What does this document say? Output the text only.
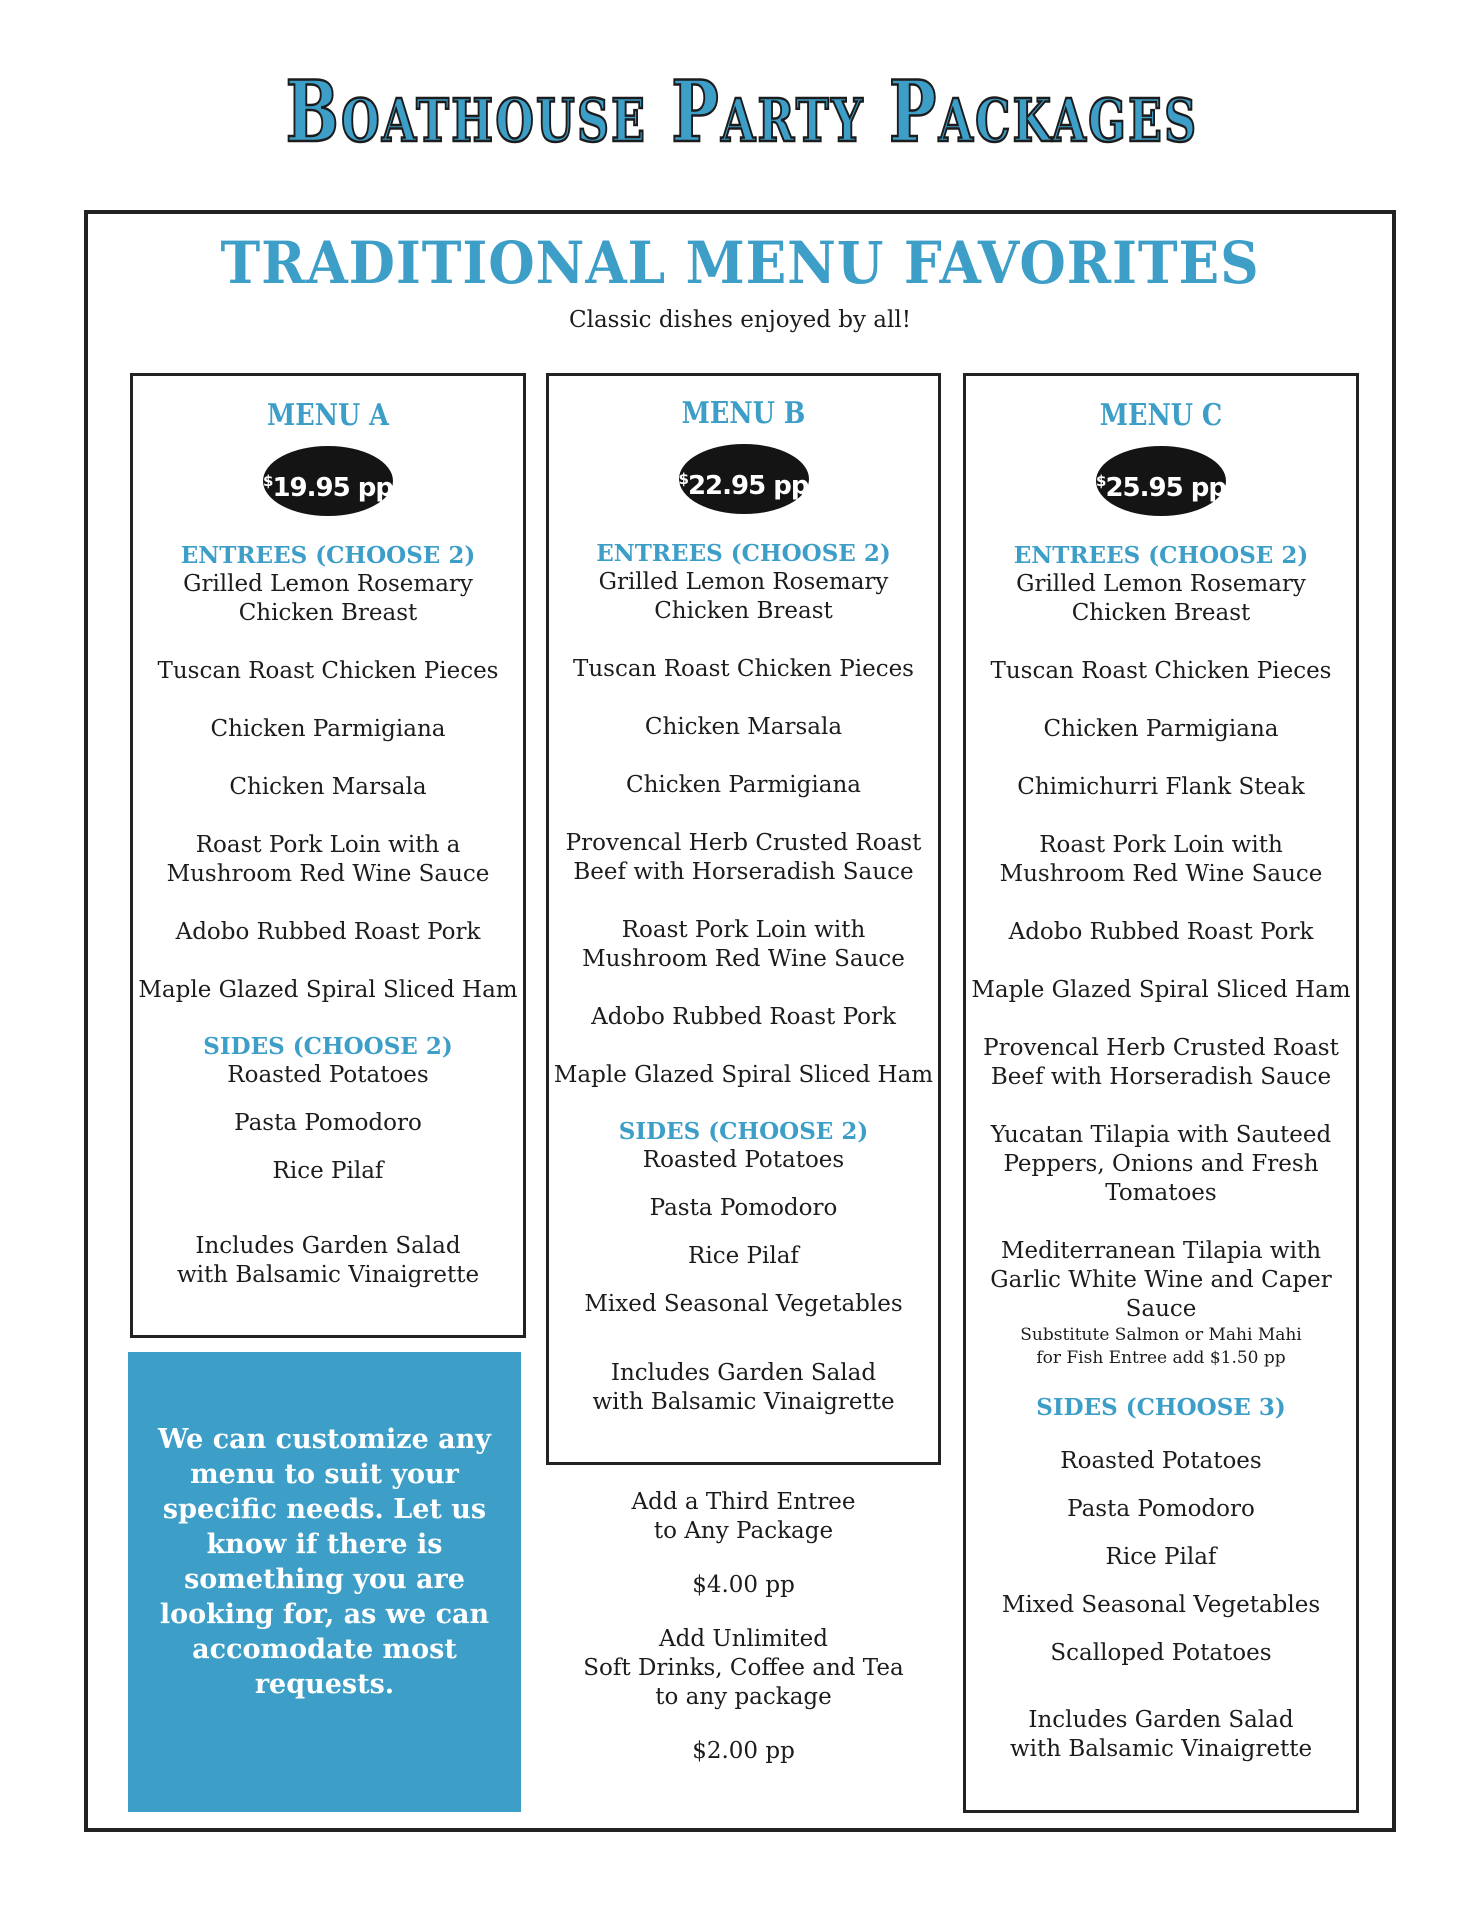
Boathouse Party Packages
TRADITIONAL MENU FAVORITES
Classic dishes enjoyed by all!

MENU A

$19.95 pp

ENTREES (CHOOSE 2)

Grilled Lemon Rosemary
Chicken Breast

Tuscan Roast Chicken Pieces

Chicken Parmigiana

Chicken Marsala

Roast Pork Loin with a
Mushroom Red Wine Sauce

Adobo Rubbed Roast Pork

Maple Glazed Spiral Sliced Ham

SIDES (CHOOSE 2)

Roasted Potatoes

Pasta Pomodoro

Rice Pilaf

Includes Garden Salad
with Balsamic Vinaigrette

MENU B

$22.95 pp

ENTREES (CHOOSE 2)

Grilled Lemon Rosemary
Chicken Breast

Tuscan Roast Chicken Pieces

Chicken Marsala

Chicken Parmigiana

Provencal Herb Crusted Roast
Beef with Horseradish Sauce

Roast Pork Loin with
Mushroom Red Wine Sauce

Adobo Rubbed Roast Pork

Maple Glazed Spiral Sliced Ham

SIDES (CHOOSE 2)

Roasted Potatoes

Pasta Pomodoro

Rice Pilaf

Mixed Seasonal Vegetables

Includes Garden Salad
with Balsamic Vinaigrette

Add a Third Entree
to Any Package

$4.00 pp

Add Unlimited
Soft Drinks, Coffee and Tea
to any package

$2.00 pp

MENU C

$25.95 pp

ENTREES (CHOOSE 2)

Grilled Lemon Rosemary
Chicken Breast

Tuscan Roast Chicken Pieces

Chicken Parmigiana

Chimichurri Flank Steak

Roast Pork Loin with
Mushroom Red Wine Sauce

Adobo Rubbed Roast Pork

Maple Glazed Spiral Sliced Ham

Provencal Herb Crusted Roast
Beef with Horseradish Sauce

Yucatan Tilapia with Sauteed
Peppers, Onions and Fresh
Tomatoes

Mediterranean Tilapia with
Garlic White Wine and Caper
Sauce

Substitute Salmon or Mahi Mahi
for Fish Entree add $1.50 pp

SIDES (CHOOSE 3)

Roasted Potatoes

Pasta Pomodoro

Rice Pilaf

Mixed Seasonal Vegetables

Scalloped Potatoes

Includes Garden Salad
with Balsamic Vinaigrette

We can customize any menu to suit your specific needs. Let us know if there is something you are looking for, as we can accomodate most requests.
